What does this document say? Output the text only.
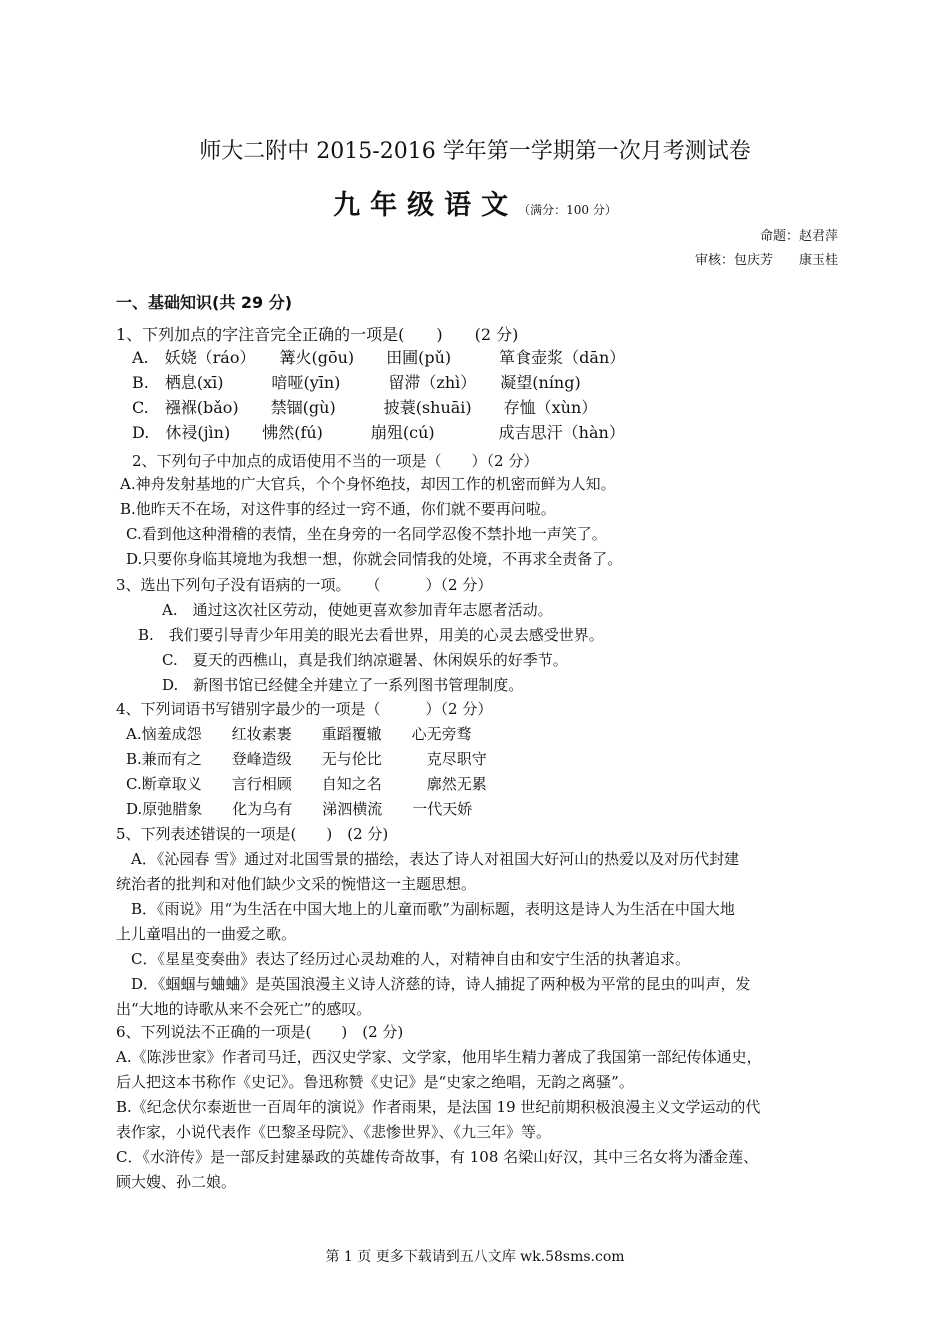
师大二附中 2015-2016 学年第一学期第一次月考测试卷
九年级语文（满分：100 分）
命题：赵君萍
审核：包庆芳　　康玉桂
一、基础知识(共 29 分)
1、下列加点的字注音完全正确的一项是(　　)　　(2 分)
A.　妖娆（ráo）　　篝火(gōu)　　田圃(pǔ)　　　箪食壶浆（dān）
B.　栖息(xī)　　　喑哑(yīn)　　　留滞（zhì）　　凝望(níng)
C.　襁褓(bǎo)　　禁锢(gù)　　　披蓑(shuāi)　　存恤（xùn）
D.　休祲(jìn)　　怫然(fú)　　　崩殂(cú)　　　　成吉思汗（hàn）
2、下列句子中加点的成语使用不当的一项是（　　）（2 分）
A.神舟发射基地的广大官兵，个个身怀绝技，却因工作的机密而鲜为人知。
B.他昨天不在场，对这件事的经过一窍不通，你们就不要再问啦。
C.看到他这种滑稽的表情，坐在身旁的一名同学忍俊不禁扑地一声笑了。
D.只要你身临其境地为我想一想，你就会同情我的处境，不再求全责备了。
3、选出下列句子没有语病的一项。　　（　　　）（2 分）
A.　通过这次社区劳动，使她更喜欢参加青年志愿者活动。
B.　我们要引导青少年用美的眼光去看世界，用美的心灵去感受世界。
C.　夏天的西樵山，真是我们纳凉避暑、休闲娱乐的好季节。
D.　新图书馆已经健全并建立了一系列图书管理制度。
4、下列词语书写错别字最少的一项是（　　　）（2 分）
A.恼羞成怨　　红妆素裹　　重蹈覆辙　　心无旁骛
B.兼而有之　　登峰造级　　无与伦比　　　克尽职守
C.断章取义　　言行相顾　　自知之名　　　廓然无累
D.原弛腊象　　化为乌有　　涕泗横流　　一代天娇
5、下列表述错误的一项是(　　)　(2 分)
　A．《沁园春 雪》通过对北国雪景的描绘，表达了诗人对祖国大好河山的热爱以及对历代封建
统治者的批判和对他们缺少文采的惋惜这一主题思想。
　B．《雨说》用“为生活在中国大地上的儿童而歌”为副标题，表明这是诗人为生活在中国大地
上儿童唱出的一曲爱之歌。
　C．《星星变奏曲》表达了经历过心灵劫难的人，对精神自由和安宁生活的执著追求。
　D．《蝈蝈与蛐蛐》是英国浪漫主义诗人济慈的诗，诗人捕捉了两种极为平常的昆虫的叫声，发
出“大地的诗歌从来不会死亡”的感叹。
6、下列说法不正确的一项是(　　)　(2 分)
A.《陈涉世家》作者司马迁，西汉史学家、文学家，他用毕生精力著成了我国第一部纪传体通史，
后人把这本书称作《史记》。鲁迅称赞《史记》是“史家之绝唱，无韵之离骚”。
B.《纪念伏尔泰逝世一百周年的演说》作者雨果，是法国 19 世纪前期积极浪漫主义文学运动的代
表作家，小说代表作《巴黎圣母院》、《悲惨世界》、《九三年》等。
C．《水浒传》是一部反封建暴政的英雄传奇故事，有 108 名梁山好汉，其中三名女将为潘金莲、
顾大嫂、孙二娘。
第 1 页 更多下载请到五八文库 wk.58sms.com
